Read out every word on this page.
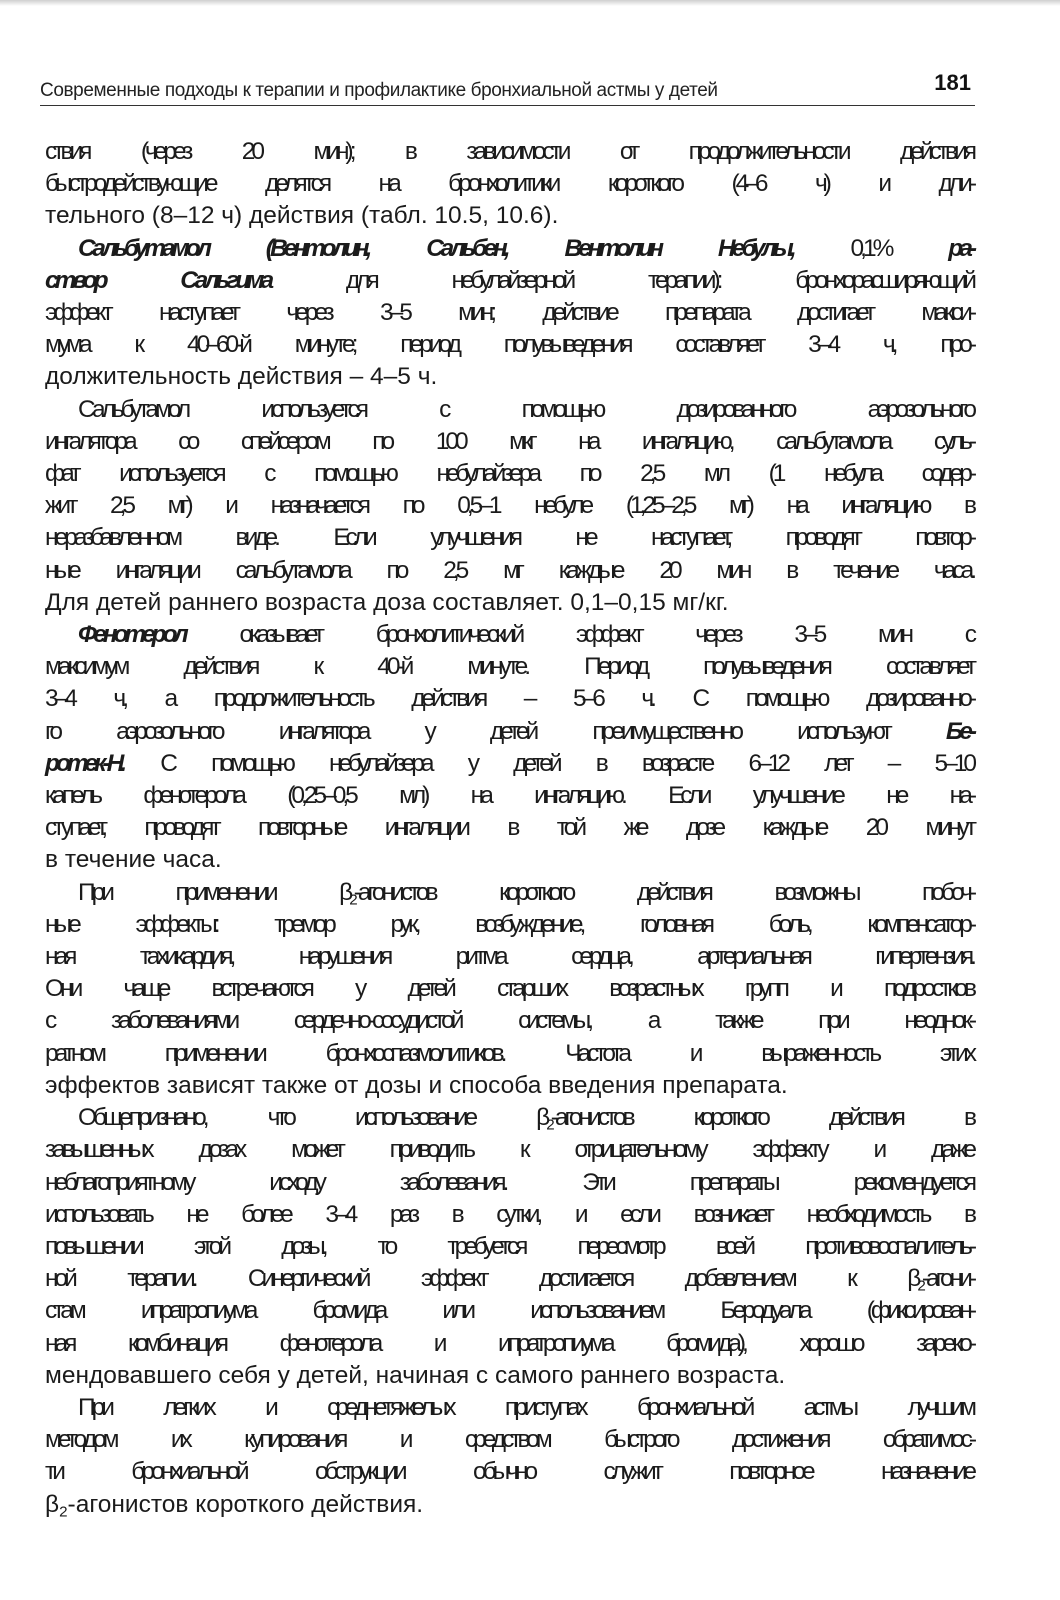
Современные подходы к терапии и профилактике бронхиальной астмы у детей	181
ствия (через 20 мин); в зависимости от продолжительности действия
быстродействующие делятся на бронхолитики короткого (4–6 ч) и дли-
тельного (8–12 ч) действия (табл. 10.5, 10.6).
Сальбутамол (Вентолин, Сальбен, Вентолин Небулы, 0,1% ра-
створ Сальгима для небулайзерной терапии): бронхорасширяющий
эффект наступает через 3–5 мин; действие препарата достигает макси-
мума к 40–60-й минуте; период полувыведения составляет 3–4 ч, про-
должительность действия – 4–5 ч.
Сальбутамол используется с помощью дозированного аэрозольного
ингалятора со спейсером по 100 мкг на ингаляцию, сальбутамола суль-
фат используется с помощью небулайзера по 2,5 мл (1 небула содер-
жит 2,5 мг) и назначается по 0,5–1 небуле (1,25–2,5 мг) на ингаляцию в
неразбавленном виде. Если улучшения не наступает, проводят повтор-
ные ингаляции сальбутамола по 2,5 мг каждые 20 мин в течение часа.
Для детей раннего возраста доза составляет. 0,1–0,15 мг/кг.
Фенотерол оказывает бронхолитический эффект через 3–5 мин с
максимум действия к 40-й минуте. Период полувыведения составляет
3–4 ч, а продолжительность действия – 5–6 ч. С помощью дозированно-
го аэрозольного ингалятора у детей преимущественно используют Бе-
ротек-Н. С помощью небулайзера у детей в возрасте 6–12 лет – 5–10
капель фенотерола (0,25–0,5 мл) на ингаляцию. Если улучшение не на-
ступает, проводят повторные ингаляции в той же дозе каждые 20 минут
в течение часа.
При применении $\beta_2$-агонистов короткого действия возможны побоч-
ные эффекты: тремор рук, возбуждение, головная боль, компенсатор-
ная тахикардия, нарушения ритма сердца, артериальная гипертензия.
Они чаще встречаются у детей старших возрастных групп и подростков
с заболеваниями сердечно-сосудистой системы, а также при неоднок-
ратном применении бронхоспазмолитиков. Частота и выраженность этих
эффектов зависят также от дозы и способа введения препарата.
Общепризнано, что использование $\beta_2$-агонистов короткого действия в
завышенных дозах может приводить к отрицательному эффекту и даже
неблагоприятному исходу заболевания. Эти препараты рекомендуется
использовать не более 3–4 раз в сутки, и если возникает необходимость в
повышении этой дозы, то требуется пересмотр всей противовоспалитель-
ной терапии. Синергический эффект достигается добавлением к $\beta_2-агони-$
стам ипратропиума бромида или использованием Беродуала (фиксирован-
ная комбинация фенотерола и ипратропиума бромида), хорошо зареко-
мендовавшего себя у детей, начиная с самого раннего возраста.
При легких и среднетяжелых приступах бронхиальной астмы лучшим
методом их купирования и средством быстрого достижения обратимос-
ти бронхиальной обструкции обычно служит повторное назначение
$\beta_2$-агонистов короткого действия.
